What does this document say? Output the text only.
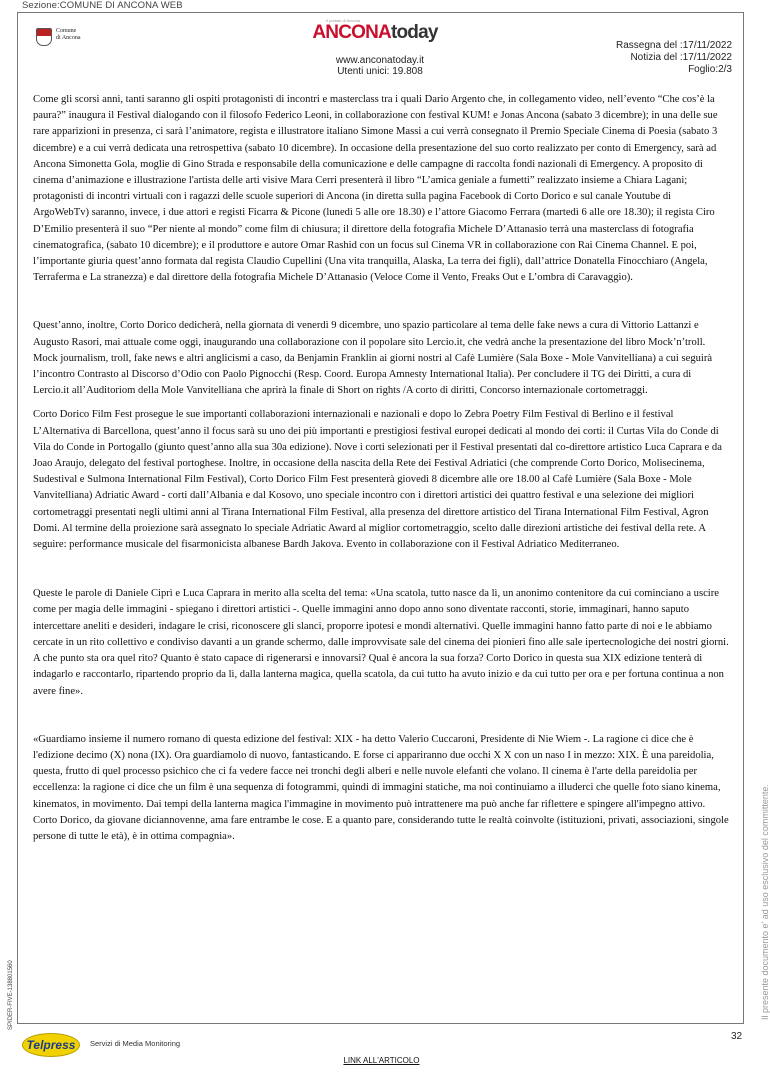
Sezione:COMUNE DI ANCONA WEB
Comune
di Ancona
Il portale di Ancona
ANCONAtoday
www.anconatoday.it
Utenti unici: 19.808
Rassegna del :17/11/2022
Notizia del :17/11/2022
Foglio:2/3

Come gli scorsi anni, tanti saranno gli ospiti protagonisti di incontri e masterclass tra i quali Dario Argento che, in collegamento video, nell’evento “Che cos’è la paura?” inaugura il Festival dialogando con il filosofo Federico Leoni, in collaborazione con festival KUM! e Jonas Ancona (sabato 3 dicembre); in una delle sue rare apparizioni in presenza, ci sarà l’animatore, regista e illustratore italiano Simone Massi a cui verrà consegnato il Premio Speciale Cinema di Poesia (sabato 3 dicembre) e a cui verrà dedicata una retrospettiva (sabato 10 dicembre). In occasione della presentazione del suo corto realizzato per conto di Emergency, sarà ad Ancona Simonetta Gola, moglie di Gino Strada e responsabile della comunicazione e delle campagne di raccolta fondi nazionali di Emergency. A proposito di cinema d’animazione e illustrazione l'artista delle arti visive Mara Cerri presenterà il libro “L’amica geniale a fumetti” realizzato insieme a Chiara Lagani; protagonisti di incontri virtuali con i ragazzi delle scuole superiori di Ancona (in diretta sulla pagina Facebook di Corto Dorico e sul canale Youtube di ArgoWebTv) saranno, invece, i due attori e registi Ficarra & Picone (lunedì 5 alle ore 18.30) e l’attore Giacomo Ferrara (martedì 6 alle ore 18.30); il regista Ciro D’Emilio presenterà il suo “Per niente al mondo” come film di chiusura; il direttore della fotografia Michele D’Attanasio terrà una masterclass di fotografia cinematografica, (sabato 10 dicembre); e il produttore e autore Omar Rashid con un focus sul Cinema VR in collaborazione con Rai Cinema Channel. E poi, l’importante giuria quest’anno formata dal regista Claudio Cupellini (Una vita tranquilla, Alaska, La terra dei figli), dall’attrice Donatella Finocchiaro (Angela, Terraferma e La stranezza) e dal direttore della fotografia Michele D’Attanasio (Veloce Come il Vento, Freaks Out e L’ombra di Caravaggio).

Quest’anno, inoltre, Corto Dorico dedicherà, nella giornata di venerdì 9 dicembre, uno spazio particolare al tema delle fake news a cura di Vittorio Lattanzi e Augusto Rasori, mai attuale come oggi, inaugurando una collaborazione con il popolare sito Lercio.it, che vedrà anche la presentazione del libro Mock’n’troll. Mock journalism, troll, fake news e altri anglicismi a caso, da Benjamin Franklin ai giorni nostri al Cafè Lumière (Sala Boxe - Mole Vanvitelliana) a cui seguirà l’incontro Contrasto al Discorso d’Odio con Paolo Pignocchi (Resp. Coord. Europa Amnesty International Italia). Per concludere il TG dei Diritti, a cura di Lercio.it all’Auditoriom della Mole Vanvitelliana che aprirà la finale di Short on rights /A corto di diritti, Concorso internazionale cortometraggi.

Corto Dorico Film Fest prosegue le sue importanti collaborazioni internazionali e nazionali e dopo lo Zebra Poetry Film Festival di Berlino e il festival L’Alternativa di Barcellona, quest’anno il focus sarà su uno dei più importanti e prestigiosi festival europei dedicati al mondo dei corti: il Curtas Vila do Conde di Vila do Conde in Portogallo (giunto quest’anno alla sua 30a edizione). Nove i corti selezionati per il Festival presentati dal co-direttore artistico Luca Caprara e da Joao Araujo, delegato del festival portoghese. Inoltre, in occasione della nascita della Rete dei Festival Adriatici (che comprende Corto Dorico, Molisecinema, Sudestival e Sulmona International Film Festival), Corto Dorico Film Fest presenterà giovedì 8 dicembre alle ore 18.00 al Cafè Lumière (Sala Boxe - Mole Vanvitelliana) Adriatic Award - corti dall’Albania e dal Kosovo, uno speciale incontro con i direttori artistici dei quattro festival e una selezione dei migliori cortometraggi presentati negli ultimi anni al Tirana International Film Festival, alla presenza del direttore artistico del Tirana International Film Festival, Agron Domi. Al termine della proiezione sarà assegnato lo speciale Adriatic Award al miglior cortometraggio, scelto dalle direzioni artistiche dei festival della rete. A seguire: performance musicale del fisarmonicista albanese Bardh Jakova. Evento in collaborazione con il Festival Adriatico Mediterraneo.

Queste le parole di Daniele Ciprì e Luca Caprara in merito alla scelta del tema: «Una scatola, tutto nasce da lì, un anonimo contenitore da cui cominciano a uscire come per magia delle immagini - spiegano i direttori artistici -. Quelle immagini anno dopo anno sono diventate racconti, storie, immaginari, hanno saputo intercettare aneliti e desideri, indagare le crisi, riconoscere gli slanci, proporre ipotesi e mondi alternativi. Quelle immagini hanno fatto parte di noi e le abbiamo cercate in un rito collettivo e condiviso davanti a un grande schermo, dalle improvvisate sale del cinema dei pionieri fino alle sale ipertecnologiche dei nostri giorni. A che punto sta ora quel rito? Quanto è stato capace di rigenerarsi e innovarsi? Qual è ancora la sua forza? Corto Dorico in questa sua XIX edizione tenterà di indagarlo e raccontarlo, ripartendo proprio da lì, dalla lanterna magica, quella scatola, da cui tutto ha avuto inizio e da cui tutto per ora e per fortuna continua a non avere fine».

«Guardiamo insieme il numero romano di questa edizione del festival: XIX - ha detto Valerio Cuccaroni, Presidente di Nie Wiem -. La ragione ci dice che è l'edizione decimo (X) nona (IX). Ora guardiamolo di nuovo, fantasticando. E forse ci appariranno due occhi X X con un naso I in mezzo: XIX. È una pareidolia, questa, frutto di quel processo psichico che ci fa vedere facce nei tronchi degli alberi e nelle nuvole elefanti che volano. Il cinema è l'arte della pareidolia per eccellenza: la ragione ci dice che un film è una sequenza di fotogrammi, quindi di immagini statiche, ma noi continuiamo a illuderci che quelle foto siano kinema, kinematos, in movimento. Dai tempi della lanterna magica l'immagine in movimento può intrattenere ma può anche far riflettere e spingere all'impegno attivo. Corto Dorico, da giovane diciannovenne, ama fare entrambe le cose. E a quanto pare, considerando tutte le realtà coinvolte (istituzioni, privati, associazioni, singole persone di tutte le età), è in ottima compagnia».	Il presente documento e' ad uso esclusivo del committente.
SPIDER-FIVE-138801560
Telpress Servizi di Media Monitoring
32
LINK ALL'ARTICOLO
